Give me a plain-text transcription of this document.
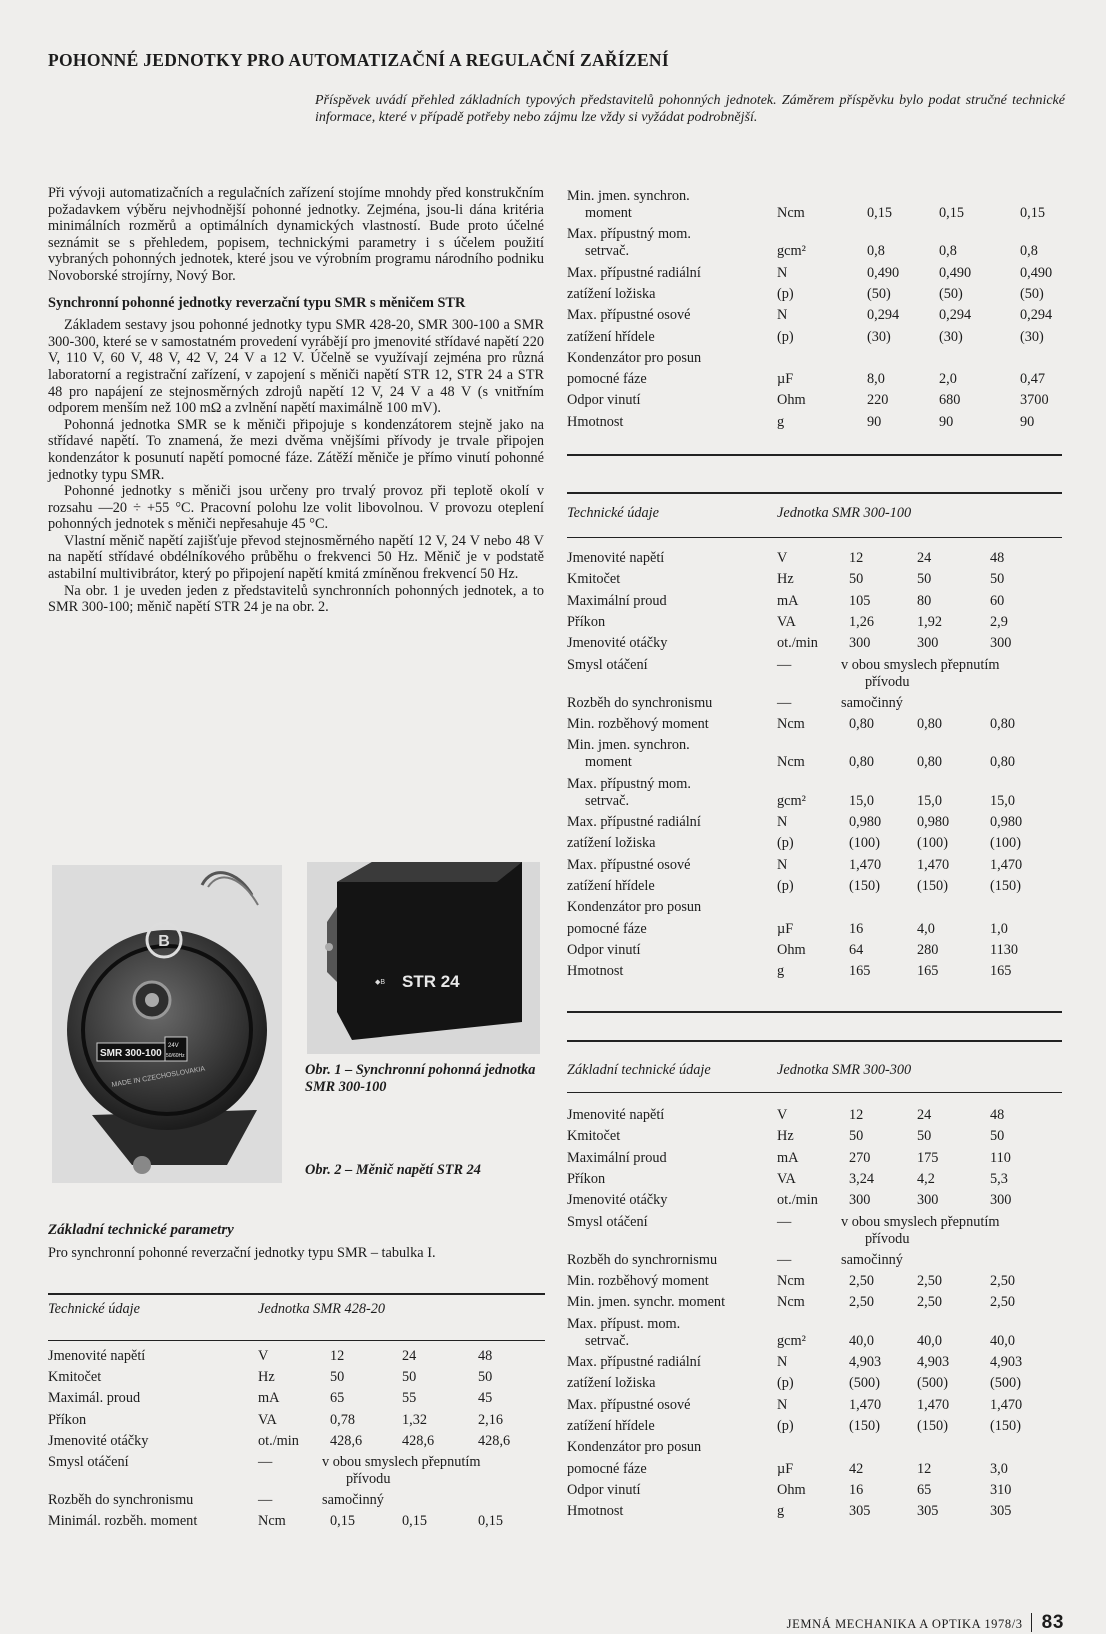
POHONNÉ JEDNOTKY PRO AUTOMATIZAČNÍ A REGULAČNÍ ZAŘÍZENÍ
Příspěvek uvádí přehled základních typových představitelů pohonných jednotek. Záměrem příspěvku bylo podat stručné technické informace, které v případě potřeby nebo zájmu lze vždy si vyžádat podrobnější.

Při vývoji automatizačních a regulačních zařízení stojíme mnohdy před konstrukčním požadavkem výběru nejvhodnější pohonné jednotky. Zejména, jsou-li dána kritéria minimálních rozměrů a optimálních dynamických vlastností. Bude proto účelné seznámit se s přehledem, popisem, technickými parametry i s účelem použití vybraných pohonných jednotek, které jsou ve výrobním programu národního podniku Novoborské strojírny, Nový Bor.

Synchronní pohonné jednotky reverzační typu SMR s měničem STR

Základem sestavy jsou pohonné jednotky typu SMR 428-20, SMR 300-100 a SMR 300-300, které se v samostatném provedení vyrábějí pro jmenovité střídavé napětí 220 V, 110 V, 60 V, 48 V, 42 V, 24 V a 12 V. Účelně se využívají zejména pro různá laboratorní a registrační zařízení, v zapojení s měniči napětí STR 12, STR 24 a STR 48 pro napájení ze stejnosměrných zdrojů napětí 12 V, 24 V a 48 V (s vnitřním odporem menším než 100 mΩ a zvlnění napětí maximálně 100 mV).

Pohonná jednotka SMR se k měniči připojuje s kondenzátorem stejně jako na střídavé napětí. To znamená, že mezi dvěma vnějšími přívody je trvale připojen kondenzátor k posunutí napětí pomocné fáze. Zátěží měniče je přímo vinutí pohonné jednotky typu SMR.

Pohonné jednotky s měniči jsou určeny pro trvalý provoz při teplotě okolí v rozsahu —20 ÷ +55 °C. Pracovní polohu lze volit libovolnou. V provozu oteplení pohonných jednotek s měniči nepřesahuje 45 °C.

Vlastní měnič napětí zajišťuje převod stejnosměrného napětí 12 V, 24 V nebo 48 V na napětí střídavé obdélníkového průběhu o frekvenci 50 Hz. Měnič je v podstatě astabilní multivibrátor, který po připojení napětí kmitá zmíněnou frekvencí 50 Hz.

Na obr. 1 je uveden jeden z představitelů synchronních pohonných jednotek, a to SMR 300-100; měnič napětí STR 24 je na obr. 2.

B
SMR 300-100
24V
50/60Hz
MADE IN CZECHOSLOVAKIA
◆B STR 24
Obr. 1 – Synchronní pohonná jednotka SMR 300-100
Obr. 2 – Měnič napětí STR 24
Základní technické parametry
Pro synchronní pohonné reverzační jednotky typu SMR – tabulka I.
Technické údaje	Jednotka SMR 428-20
Jmenovité napětí	V	12	24	48
Kmitočet	Hz	50	50	50
Maximál. proud	mA	65	55	45
Příkon	VA	0,78	1,32	2,16
Jmenovité otáčky	ot./min 428,6	428,6	428,6
Smysl otáčení	—	v obou smyslech přepnutím
přívodu
Rozběh do synchronismu	—	samočinný
Minimál. rozběh. moment	Ncm	0,15	0,15	0,15
Min. jmen. synchron.
moment	Ncm	0,15	0,15	0,15
Max. přípustný mom.
setrvač.	gcm²	0,8	0,8	0,8
Max. přípustné radiální	N	0,490	0,490	0,490
zatížení ložiska	(p)	(50)	(50)	(50)
Max. přípustné osové	N	0,294	0,294	0,294
zatížení hřídele	(p)	(30)	(30)	(30)
Kondenzátor pro posun
pomocné fáze	µF	8,0	2,0	0,47
Odpor vinutí	Ohm	220	680	3700
Hmotnost	g	90	90	90
Technické údaje	Jednotka SMR 300-100
Jmenovité napětí	V	12	24	48
Kmitočet	Hz	50	50	50
Maximální proud	mA	105	80	60
Příkon	VA	1,26	1,92	2,9
Jmenovité otáčky	ot./min 300	300	300
Smysl otáčení	—	v obou smyslech přepnutím
přívodu
Rozběh do synchronismu	—	samočinný
Min. rozběhový moment	Ncm	0,80	0,80	0,80
Min. jmen. synchron.
moment	Ncm	0,80	0,80	0,80
Max. přípustný mom.
setrvač.	gcm²	15,0	15,0	15,0
Max. přípustné radiální	N	0,980	0,980	0,980
zatížení ložiska	(p)	(100)	(100)	(100)
Max. přípustné osové	N	1,470	1,470	1,470
zatížení hřídele	(p)	(150)	(150)	(150)
Kondenzátor pro posun
pomocné fáze	µF	16	4,0	1,0
Odpor vinutí	Ohm	64	280	1130
Hmotnost	g	165	165	165
Základní technické údaje	Jednotka SMR 300-300
Jmenovité napětí	V	12	24	48
Kmitočet	Hz	50	50	50
Maximální proud	mA	270	175	110
Příkon	VA	3,24	4,2	5,3
Jmenovité otáčky	ot./min 300	300	300
Smysl otáčení	—	v obou smyslech přepnutím
přívodu
Rozběh do synchrornismu	—	samočinný
Min. rozběhový moment	Ncm	2,50	2,50	2,50
Min. jmen. synchr. moment	Ncm	2,50	2,50	2,50
Max. přípust. mom.
setrvač.	gcm²	40,0	40,0	40,0
Max. přípustné radiální	N	4,903	4,903	4,903
zatížení ložiska	(p)	(500)	(500)	(500)
Max. přípustné osové	N	1,470	1,470	1,470
zatížení hřídele	(p)	(150)	(150)	(150)
Kondenzátor pro posun
pomocné fáze	µF	42	12	3,0
Odpor vinutí	Ohm	16	65	310
Hmotnost	g	305	305	305
JEMNÁ MECHANIKA A OPTIKA 1978/3 83
